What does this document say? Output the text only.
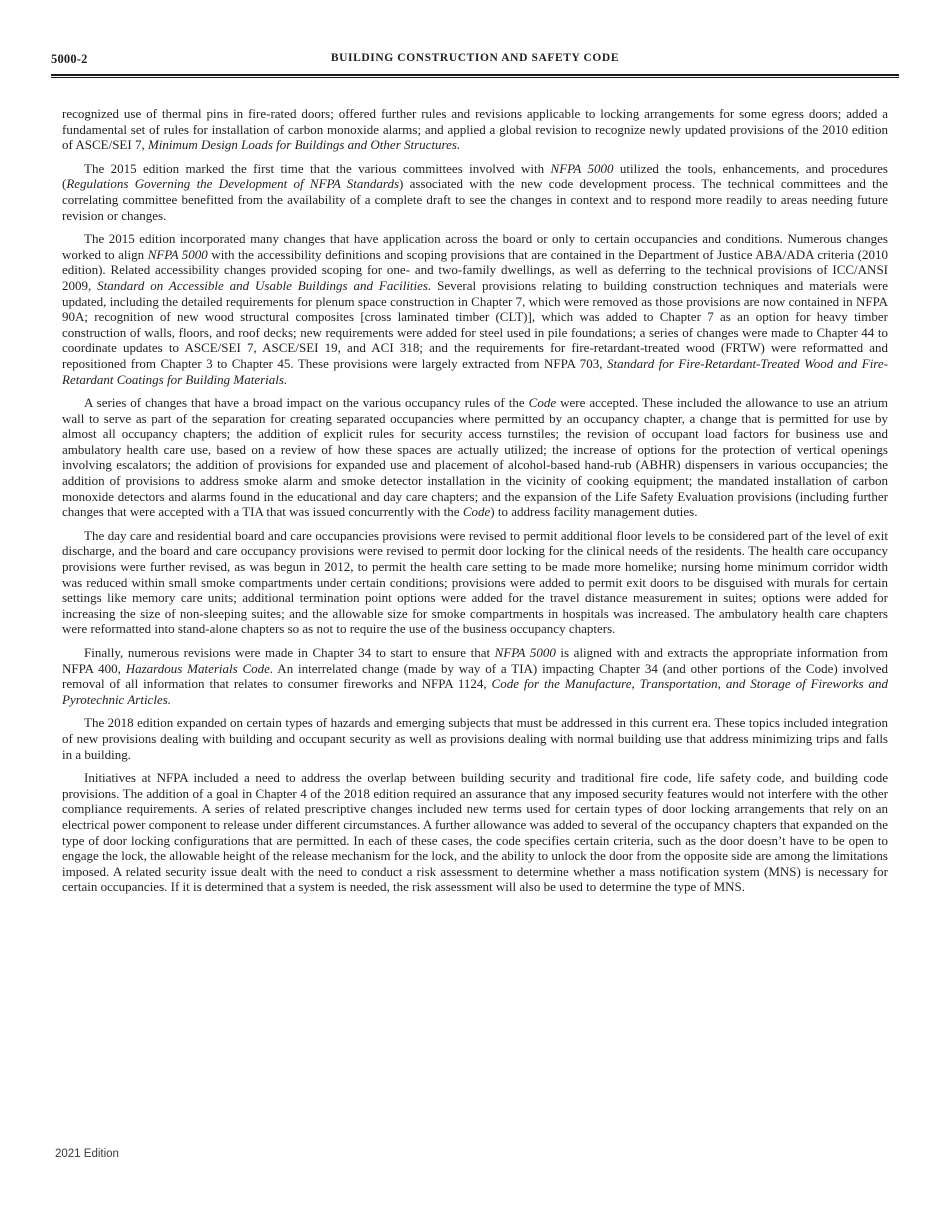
5000-2	BUILDING CONSTRUCTION AND SAFETY CODE

recognized use of thermal pins in fire-rated doors; offered further rules and revisions applicable to locking arrangements for some egress doors; added a fundamental set of rules for installation of carbon monoxide alarms; and applied a global revision to recognize newly updated provisions of the 2010 edition of ASCE/SEI 7, Minimum Design Loads for Buildings and Other Structures.

The 2015 edition marked the first time that the various committees involved with NFPA 5000 utilized the tools, enhancements, and procedures (Regulations Governing the Development of NFPA Standards) associated with the new code development process. The technical committees and the correlating committee benefitted from the availability of a complete draft to see the changes in context and to respond more readily to areas needing future revision or changes.

The 2015 edition incorporated many changes that have application across the board or only to certain occupancies and conditions. Numerous changes worked to align NFPA 5000 with the accessibility definitions and scoping provisions that are contained in the Department of Justice ABA/ADA criteria (2010 edition). Related accessibility changes provided scoping for one- and two-family dwellings, as well as deferring to the technical provisions of ICC/ANSI 2009, Standard on Accessible and Usable Buildings and Facilities. Several provisions relating to building construction techniques and materials were updated, including the detailed requirements for plenum space construction in Chapter 7, which were removed as those provisions are now contained in NFPA 90A; recognition of new wood structural composites [cross laminated timber (CLT)], which was added to Chapter 7 as an option for heavy timber construction of walls, floors, and roof decks; new requirements were added for steel used in pile foundations; a series of changes were made to Chapter 44 to coordinate updates to ASCE/SEI 7, ASCE/SEI 19, and ACI 318; and the requirements for fire-retardant-treated wood (FRTW) were reformatted and repositioned from Chapter 3 to Chapter 45. These provisions were largely extracted from NFPA 703, Standard for Fire-Retardant-Treated Wood and Fire-Retardant Coatings for Building Materials.

A series of changes that have a broad impact on the various occupancy rules of the Code were accepted. These included the allowance to use an atrium wall to serve as part of the separation for creating separated occupancies where permitted by an occupancy chapter, a change that is permitted for use by almost all occupancy chapters; the addition of explicit rules for security access turnstiles; the revision of occupant load factors for business use and ambulatory health care use, based on a review of how these spaces are actually utilized; the increase of options for the protection of vertical openings involving escalators; the addition of provisions for expanded use and placement of alcohol-based hand-rub (ABHR) dispensers in various occupancies; the addition of provisions to address smoke alarm and smoke detector installation in the vicinity of cooking equipment; the mandated installation of carbon monoxide detectors and alarms found in the educational and day care chapters; and the expansion of the Life Safety Evaluation provisions (including further changes that were accepted with a TIA that was issued concurrently with the Code) to address facility management duties.

The day care and residential board and care occupancies provisions were revised to permit additional floor levels to be considered part of the level of exit discharge, and the board and care occupancy provisions were revised to permit door locking for the clinical needs of the residents. The health care occupancy provisions were further revised, as was begun in 2012, to permit the health care setting to be made more homelike; nursing home minimum corridor width was reduced within small smoke compartments under certain conditions; provisions were added to permit exit doors to be disguised with murals for certain settings like memory care units; additional termination point options were added for the travel distance measurement in suites; options were added for increasing the size of non-sleeping suites; and the allowable size for smoke compartments in hospitals was increased. The ambulatory health care chapters were reformatted into stand-alone chapters so as not to require the use of the business occupancy chapters.

Finally, numerous revisions were made in Chapter 34 to start to ensure that NFPA 5000 is aligned with and extracts the appropriate information from NFPA 400, Hazardous Materials Code. An interrelated change (made by way of a TIA) impacting Chapter 34 (and other portions of the Code) involved removal of all information that relates to consumer fireworks and NFPA 1124, Code for the Manufacture, Transportation, and Storage of Fireworks and Pyrotechnic Articles.

The 2018 edition expanded on certain types of hazards and emerging subjects that must be addressed in this current era. These topics included integration of new provisions dealing with building and occupant security as well as provisions dealing with normal building use that address minimizing trips and falls in a building.

Initiatives at NFPA included a need to address the overlap between building security and traditional fire code, life safety code, and building code provisions. The addition of a goal in Chapter 4 of the 2018 edition required an assurance that any imposed security features would not interfere with the other compliance requirements. A series of related prescriptive changes included new terms used for certain types of door locking arrangements that rely on an electrical power component to release under different circumstances. A further allowance was added to several of the occupancy chapters that expanded on the type of door locking configurations that are permitted. In each of these cases, the code specifies certain criteria, such as the door doesn’t have to be open to engage the lock, the allowable height of the release mechanism for the lock, and the ability to unlock the door from the opposite side are among the limitations imposed. A related security issue dealt with the need to conduct a risk assessment to determine whether a mass notification system (MNS) is necessary for certain occupancies. If it is determined that a system is needed, the risk assessment will also be used to determine the type of MNS.

2021 Edition
